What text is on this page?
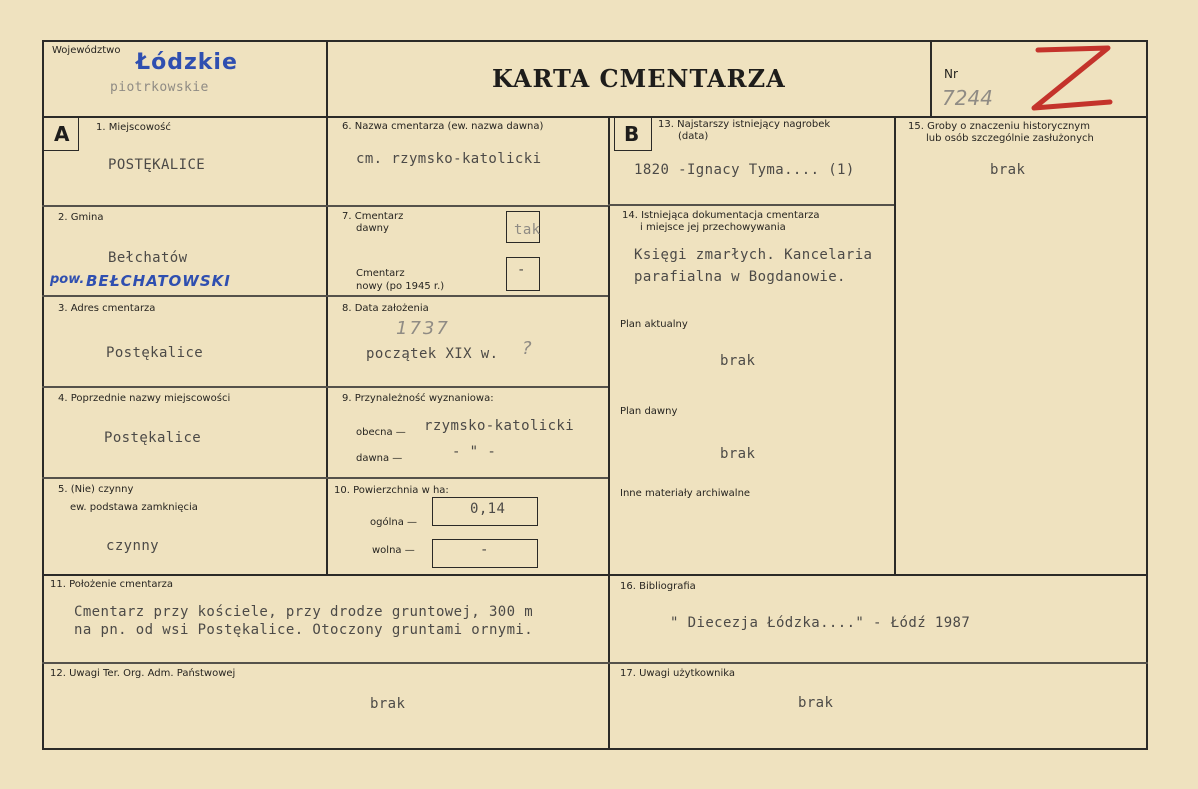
Województwo Łódzkie
piotrkowskie	KARTA CMENTARZA	Nr
7244
A	1. Miejscowość
POSTĘKALICE
6. Nazwa cmentarza (ew. nazwa dawna)
cm. rzymsko-katolicki
B 13. Najstarszy istniejący nagrobek
(data)
1820 -Ignacy Tyma.... (1)
15. Groby o znaczeniu historycznym
lub osób szczególnie zasłużonych
brak
2. Gmina
Bełchatów
pow. BEŁCHATOWSKI
7. Cmentarz
dawny	tak
Cmentarz
nowy (po 1945 r.)
-
14. Istniejąca dokumentacja cmentarza
i miejsce jej przechowywania
Księgi zmarłych. Kancelaria
parafialna w Bogdanowie.
Plan aktualny
brak
Plan dawny
brak
Inne materiały archiwalne
3. Adres cmentarza
Postękalice
8. Data założenia
1737
początek XIX w. ?
4. Poprzednie nazwy miejscowości
Postękalice
9. Przynależność wyznaniowa:
obecna — rzymsko-katolicki
dawna —	- " -
5. (Nie) czynny
ew. podstawa zamknięcia
czynny
10. Powierzchnia w ha:
ogólna —
0,14
wolna —	-
11. Położenie cmentarza
Cmentarz przy kościele, przy drodze gruntowej, 300 m
na pn. od wsi Postękalice. Otoczony gruntami ornymi.
16. Bibliografia
" Diecezja Łódzka...." - Łódź 1987
12. Uwagi Ter. Org. Adm. Państwowej
brak
17. Uwagi użytkownika
brak
